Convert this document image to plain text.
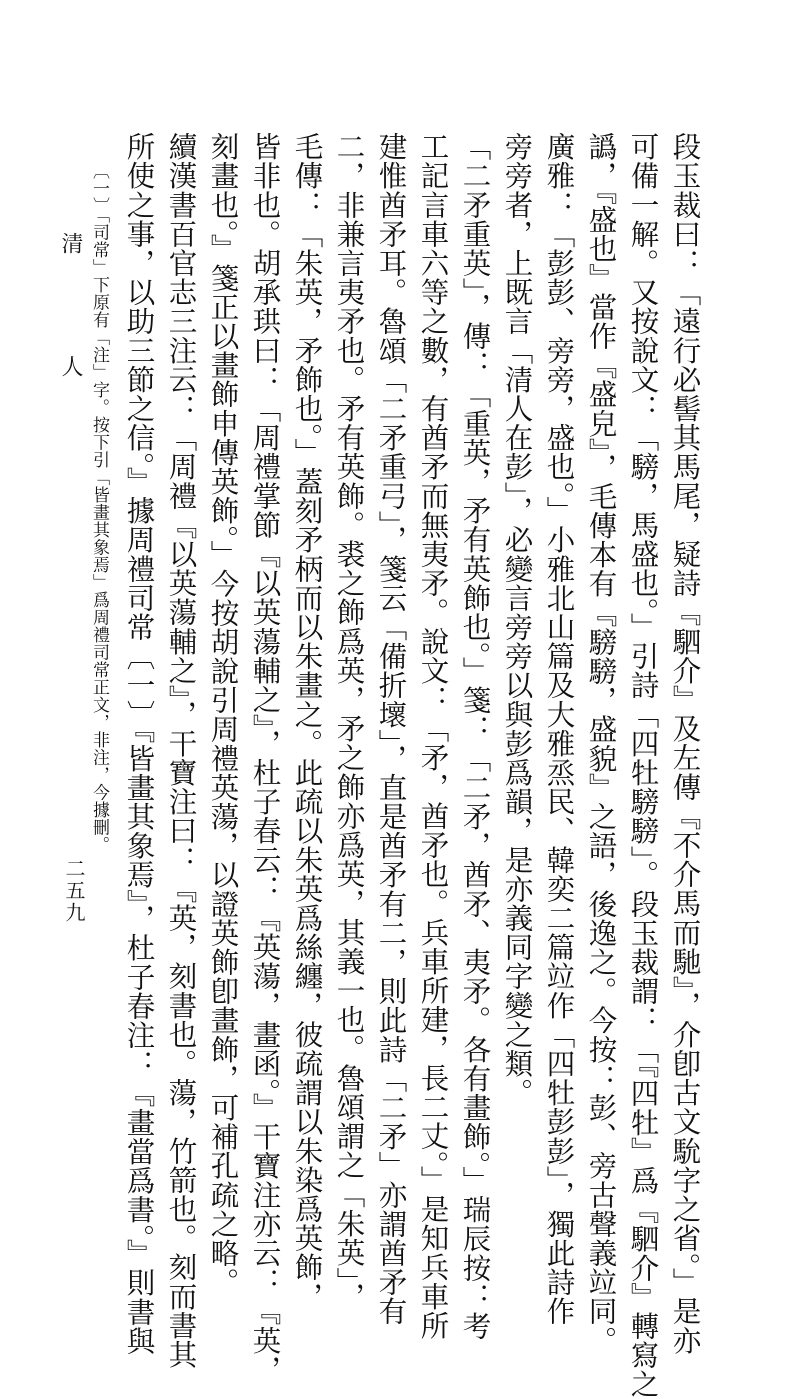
段玉裁曰：「遠行必髻其馬尾，疑詩『駟介』及左傳『不介馬而馳』，介卽古文馻字之省。」是亦
可備一解。又按說文：「騯，馬盛也。」引詩「四牡騯騯」。段玉裁謂：「『四牡』爲『駟介』轉寫之
譌，『盛也』當作『盛皃』，毛傳本有『騯騯，盛貌』之語，後逸之。今按：彭、旁古聲義竝同。
廣雅：「彭彭、旁旁，盛也。」小雅北山篇及大雅烝民、韓奕二篇竝作「四牡彭彭」，獨此詩作
旁旁者，上既言「清人在彭」，必變言旁旁以與彭爲韻，是亦義同字變之類。
「二矛重英」，傳：「重英，矛有英飾也。」箋：「二矛，酋矛、夷矛。各有畫飾。」瑞辰按：考
工記言車六等之數，有酋矛而無夷矛。說文：「矛，酋矛也。兵車所建，長二丈。」是知兵車所
建惟酋矛耳。魯頌「二矛重弓」，箋云「備折壞」，直是酋矛有二，則此詩「二矛」亦謂酋矛有
二，非兼言夷矛也。矛有英飾。裘之飾爲英，矛之飾亦爲英，其義一也。魯頌謂之「朱英」，
毛傳：「朱英，矛飾也。」蓋刻矛柄而以朱畫之。此疏以朱英爲絲纏，彼疏謂以朱染爲英飾，
皆非也。胡承珙曰：「周禮掌節『以英蕩輔之』，杜子春云：『英蕩，畫函。』干寶注亦云：『英，
刻畫也。』箋正以畫飾申傳英飾。」今按胡說引周禮英蕩，以證英飾卽畫飾，可補孔疏之略。
續漢書百官志三注云：「周禮『以英蕩輔之』，干寶注曰：『英，刻書也。蕩，竹箭也。刻而書其
所使之事，以助三節之信。』據周禮司常〔一〕『皆畫其象焉』，杜子春注：『畫當爲書。』則書與
〔一〕「司常」下原有「注」字。按下引「皆畫其象焉」爲周禮司常正文，非注，今據刪。
清 人
二五九
